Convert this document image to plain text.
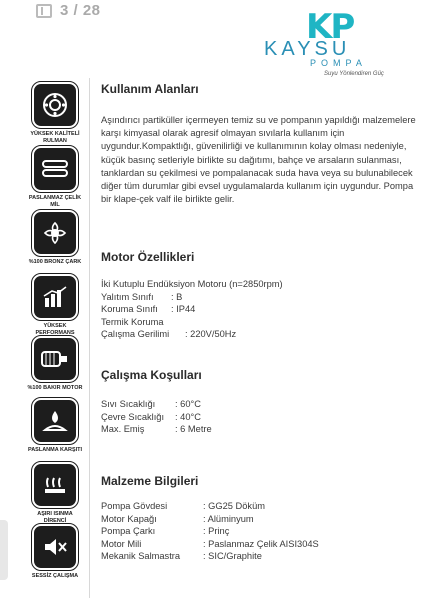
3 / 28	KP
KAYSU
POMPA
Suyu Yönlendiren Güç
YÜKSEK KALİTELİ RULMAN
PASLANMAZ ÇELİK MİL
%100 BRONZ ÇARK
YÜKSEK PERFORMANS
%100 BAKIR MOTOR
PASLANMA KARŞITI
AŞIRI ISINMA DİRENCİ
SESSİZ ÇALIŞMA
Kullanım Alanları
Aşındırıcı partiküller içermeyen temiz su ve pompanın yapıldığı malzemelere karşı kimyasal olarak agresif olmayan sıvılarla kullanım için uygundur.Kompaktlığı, güvenilirliği ve kullanımının kolay olması nedeniyle, küçük basınç setleriyle birlikte su dağıtımı, bahçe ve arsaların sulanması, tanklardan su çekilmesi ve pompalanacak suda hava veya su bulunabilecek diğer tüm durumlar gibi evsel uygulamalarda kullanım için uygundur. Pompa bir klape-çek valf ile birlikte gelir.
Motor Özellikleri
İki Kutuplu Endüksiyon Motoru (n=2850rpm)
Yalıtım Sınıfı	: B
Koruma Sınıfı	: IP44
Termik Koruma
Çalışma Gerilimi	: 220V/50Hz
Çalışma Koşulları
Sıvı Sıcaklığı	: 60°C
Çevre Sıcaklığı	: 40°C
Max. Emiş	: 6 Metre
Malzeme Bilgileri
Pompa Gövdesi	: GG25 Döküm
Motor Kapağı	: Alüminyum
Pompa Çarkı	: Prinç
Motor Mili	: Paslanmaz Çelik AISI304S
Mekanik Salmastra	: SIC/Graphite
